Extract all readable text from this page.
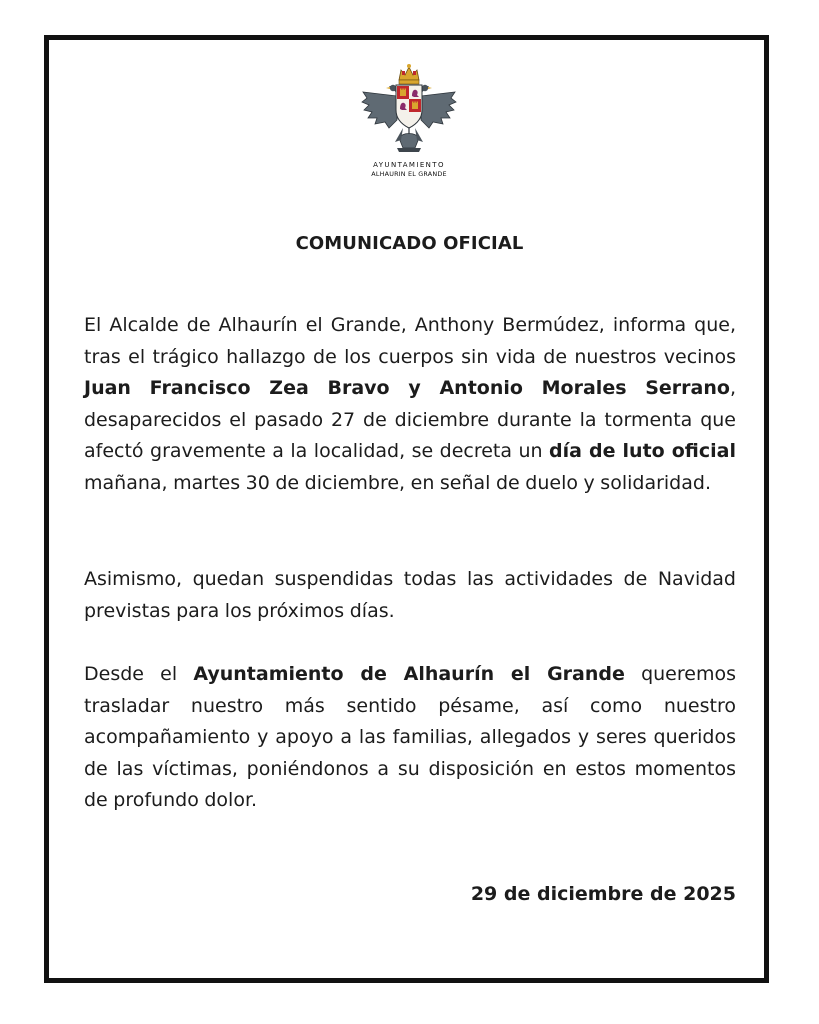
AYUNTAMIENTO
ALHAURIN EL GRANDE
COMUNICADO OFICIAL

El Alcalde de Alhaurín el Grande, Anthony Bermúdez, informa que, tras el trágico hallazgo de los cuerpos sin vida de nuestros vecinos Juan Francisco Zea Bravo y Antonio Morales Serrano, desaparecidos el pasado 27 de diciembre durante la tormenta que afectó gravemente a la localidad, se decreta un día de luto oficial mañana, martes 30 de diciembre, en señal de duelo y solidaridad.

Asimismo, quedan suspendidas todas las actividades de Navidad previstas para los próximos días.

Desde el Ayuntamiento de Alhaurín el Grande queremos trasladar nuestro más sentido pésame, así como nuestro acompañamiento y apoyo a las familias, allegados y seres queridos de las víctimas, poniéndonos a su disposición en estos momentos de profundo dolor.

29 de diciembre de 2025
